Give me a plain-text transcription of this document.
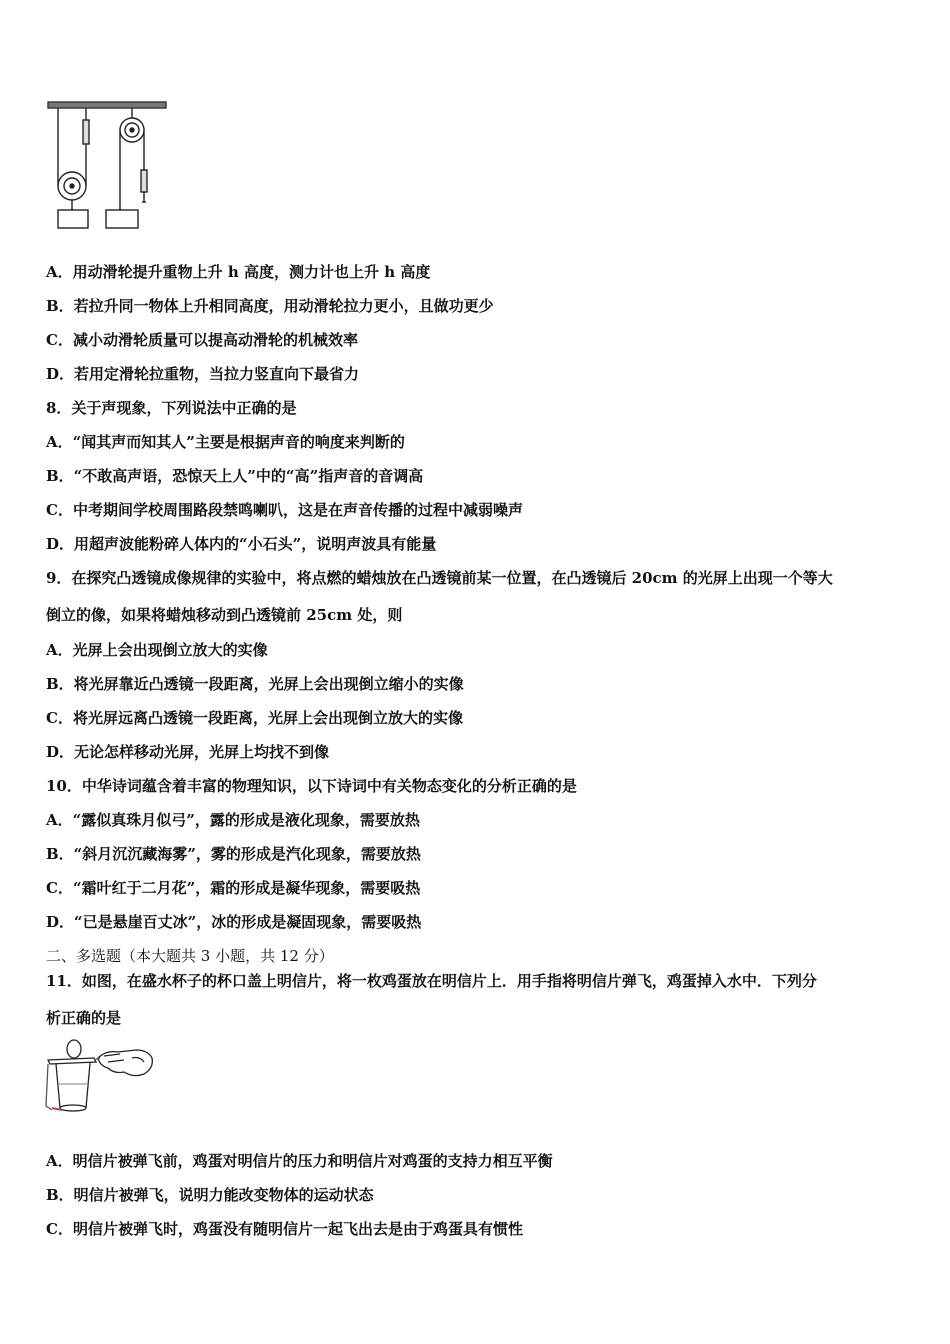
A．用动滑轮提升重物上升 h 高度，测力计也上升 h 高度
B．若拉升同一物体上升相同高度，用动滑轮拉力更小，且做功更少
C．减小动滑轮质量可以提高动滑轮的机械效率
D．若用定滑轮拉重物，当拉力竖直向下最省力
8．关于声现象，下列说法中正确的是
A．“闻其声而知其人”主要是根据声音的响度来判断的
B．“不敢高声语，恐惊天上人”中的“高”指声音的音调高
C．中考期间学校周围路段禁鸣喇叭，这是在声音传播的过程中减弱噪声
D．用超声波能粉碎人体内的“小石头”，说明声波具有能量
9．在探究凸透镜成像规律的实验中，将点燃的蜡烛放在凸透镜前某一位置，在凸透镜后 20cm 的光屏上出现一个等大
倒立的像，如果将蜡烛移动到凸透镜前 25cm 处，则
A．光屏上会出现倒立放大的实像
B．将光屏靠近凸透镜一段距离，光屏上会出现倒立缩小的实像
C．将光屏远离凸透镜一段距离，光屏上会出现倒立放大的实像
D．无论怎样移动光屏，光屏上均找不到像
10．中华诗词蕴含着丰富的物理知识，以下诗词中有关物态变化的分析正确的是
A．“露似真珠月似弓”，露的形成是液化现象，需要放热
B．“斜月沉沉藏海雾”，雾的形成是汽化现象，需要放热
C．“霜叶红于二月花”，霜的形成是凝华现象，需要吸热
D．“已是悬崖百丈冰”，冰的形成是凝固现象，需要吸热
二、多选题（本大题共 3 小题，共 12 分）
11．如图，在盛水杯子的杯口盖上明信片，将一枚鸡蛋放在明信片上．用手指将明信片弹飞，鸡蛋掉入水中．下列分
析正确的是
A．明信片被弹飞前，鸡蛋对明信片的压力和明信片对鸡蛋的支持力相互平衡
B．明信片被弹飞，说明力能改变物体的运动状态
C．明信片被弹飞时，鸡蛋没有随明信片一起飞出去是由于鸡蛋具有惯性
